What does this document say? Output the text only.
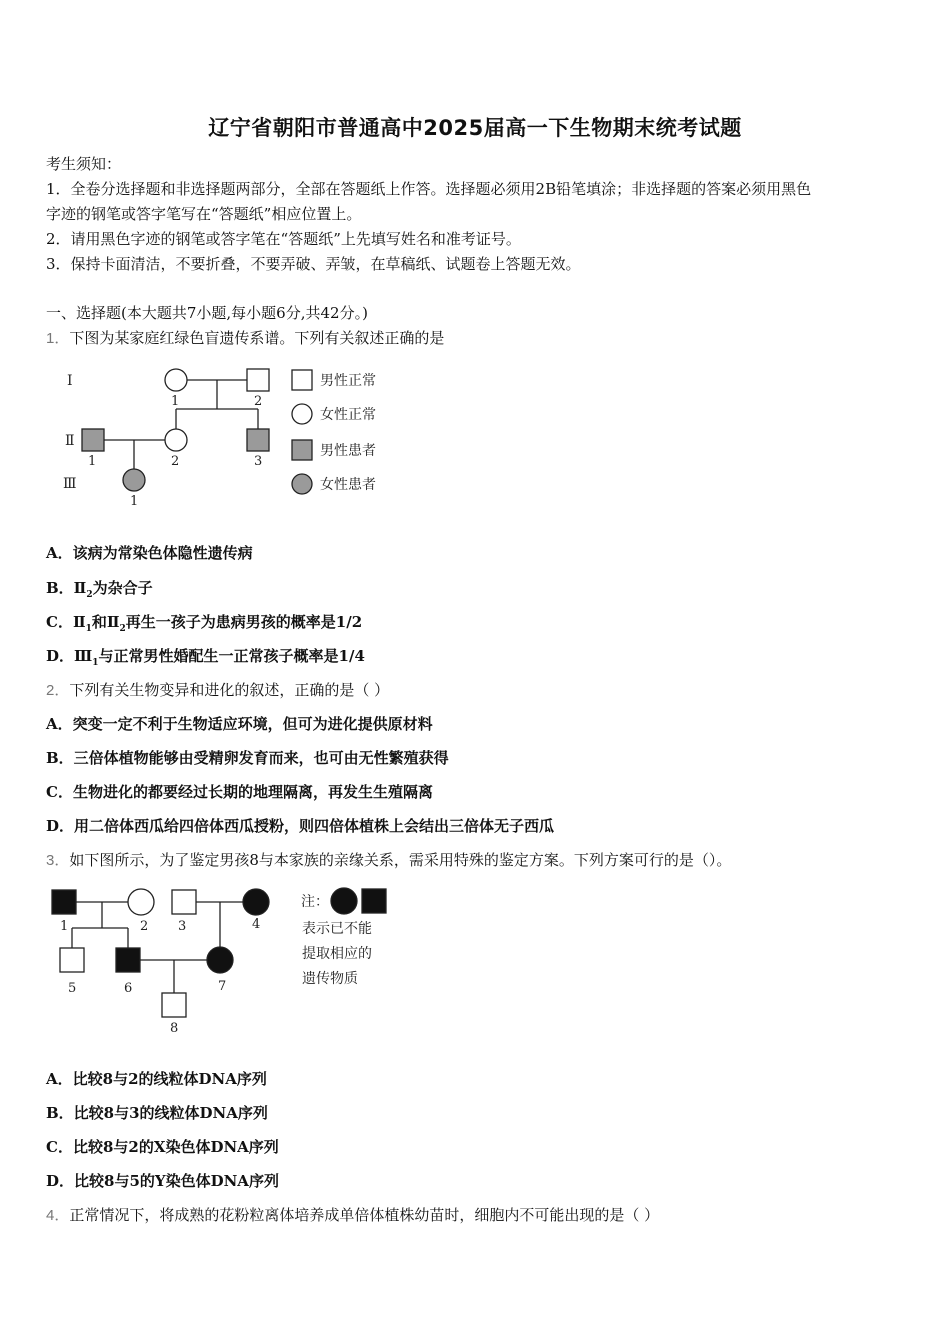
辽宁省朝阳市普通高中2025届高一下生物期末统考试题
考生须知：
1．全卷分选择题和非选择题两部分，全部在答题纸上作答。选择题必须用2B铅笔填涂；非选择题的答案必须用黑色
字迹的钢笔或答字笔写在“答题纸”相应位置上。
2．请用黑色字迹的钢笔或答字笔在“答题纸”上先填写姓名和准考证号。
3．保持卡面清洁，不要折叠，不要弄破、弄皱，在草稿纸、试题卷上答题无效。
一、选择题(本大题共7小题,每小题6分,共42分。)
1．下图为某家庭红绿色盲遗传系谱。下列有关叙述正确的是
Ⅰ
Ⅱ
Ⅲ
1	2
1	2	3
1
男性正常
女性正常
男性患者
女性患者
A．该病为常染色体隐性遗传病
B．$Ⅱ_2$为杂合子
C．$Ⅱ_1$和$Ⅱ_2$再生一孩子为患病男孩的概率是1/2
D．$Ⅲ_1$与正常男性婚配生一正常孩子概率是1/4
2．下列有关生物变异和进化的叙述，正确的是（ ）
A．突变一定不利于生物适应环境，但可为进化提供原材料
B．三倍体植物能够由受精卵发育而来，也可由无性繁殖获得
C．生物进化的都要经过长期的地理隔离，再发生生殖隔离
D．用二倍体西瓜给四倍体西瓜授粉，则四倍体植株上会结出三倍体无子西瓜
3．如下图所示，为了鉴定男孩8与本家族的亲缘关系，需采用特殊的鉴定方案。下列方案可行的是（）。
1	2 3	4
5	6	7
8
注：
表示已不能
提取相应的
遗传物质
A．比较8与2的线粒体DNA序列
B．比较8与3的线粒体DNA序列
C．比较8与2的X染色体DNA序列
D．比较8与5的Y染色体DNA序列
4．正常情况下，将成熟的花粉粒离体培养成单倍体植株幼苗时，细胞内不可能出现的是（ ）
